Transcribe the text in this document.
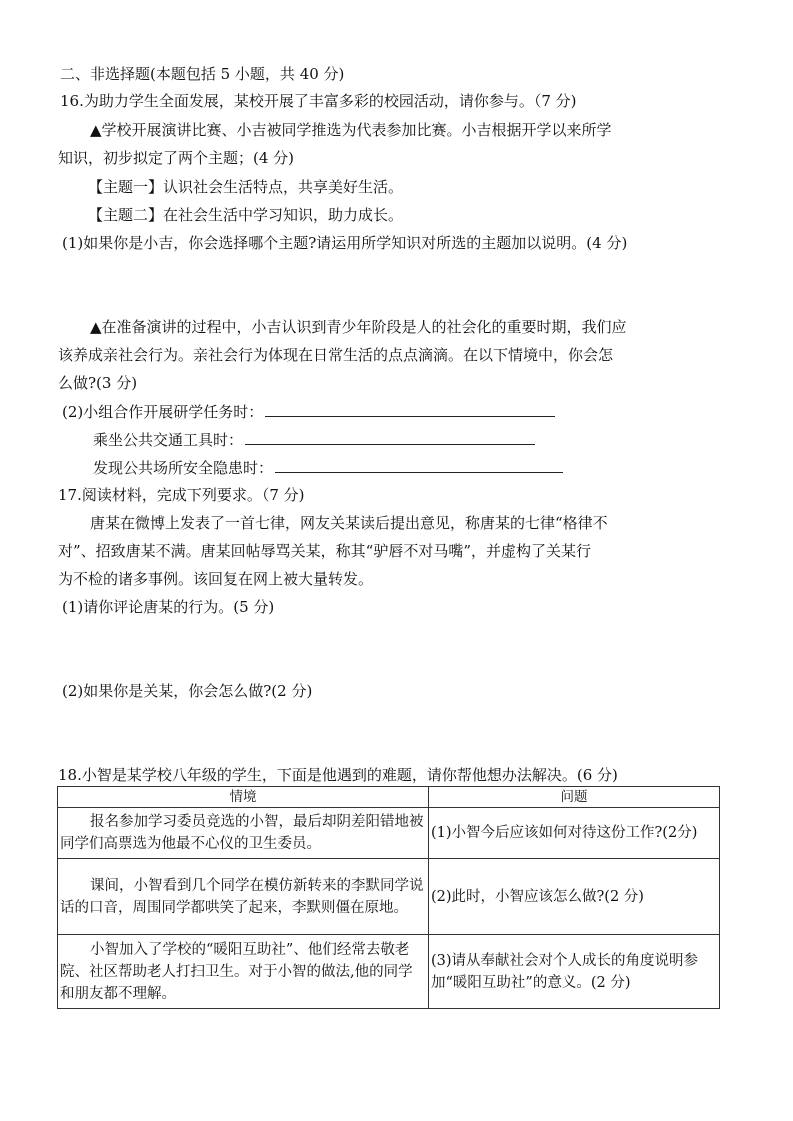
二、非选择题(本题包括 5 小题，共 40 分)
16.为助力学生全面发展，某校开展了丰富多彩的校园活动，请你参与。（7 分)
▲学校开展演讲比赛、小吉被同学推选为代表参加比赛。小吉根据开学以来所学
知识，初步拟定了两个主题；(4 分)
【主题一】认识社会生活特点，共享美好生活。
【主题二】在社会生活中学习知识，助力成长。
(1)如果你是小吉，你会选择哪个主题?请运用所学知识对所选的主题加以说明。(4 分)
▲在准备演讲的过程中，小吉认识到青少年阶段是人的社会化的重要时期，我们应
该养成亲社会行为。亲社会行为体现在日常生活的点点滴滴。在以下情境中，你会怎
么做?(3 分)
(2)小组合作开展研学任务时：
乘坐公共交通工具时：
发现公共场所安全隐患时：
17.阅读材料，完成下列要求。（7 分)
唐某在微博上发表了一首七律，网友关某读后提出意见，称唐某的七律“格律不
对”、招致唐某不满。唐某回帖辱骂关某，称其“驴唇不对马嘴”，并虚构了关某行
为不检的诸多事例。该回复在网上被大量转发。
(1)请你评论唐某的行为。(5 分)
(2)如果你是关某，你会怎么做?(2 分)
18.小智是某学校八年级的学生，下面是他遇到的难题，请你帮他想办法解决。(6 分)
情境	问题
报名参加学习委员竞选的小智，最后却阴差阳错地被同学们高票选为他最不心仪的卫生委员。	(1)小智今后应该如何对待这份工作?(2分)
课间，小智看到几个同学在模仿新转来的李默同学说话的口音，周围同学都哄笑了起来，李默则僵在原地。	(2)此时，小智应该怎么做?(2 分)
小智加入了学校的“暖阳互助社”、他们经常去敬老院、社区帮助老人打扫卫生。对于小智的做法,他的同学和朋友都不理解。	(3)请从奉献社会对个人成长的角度说明参加“暖阳互助社”的意义。(2 分)
